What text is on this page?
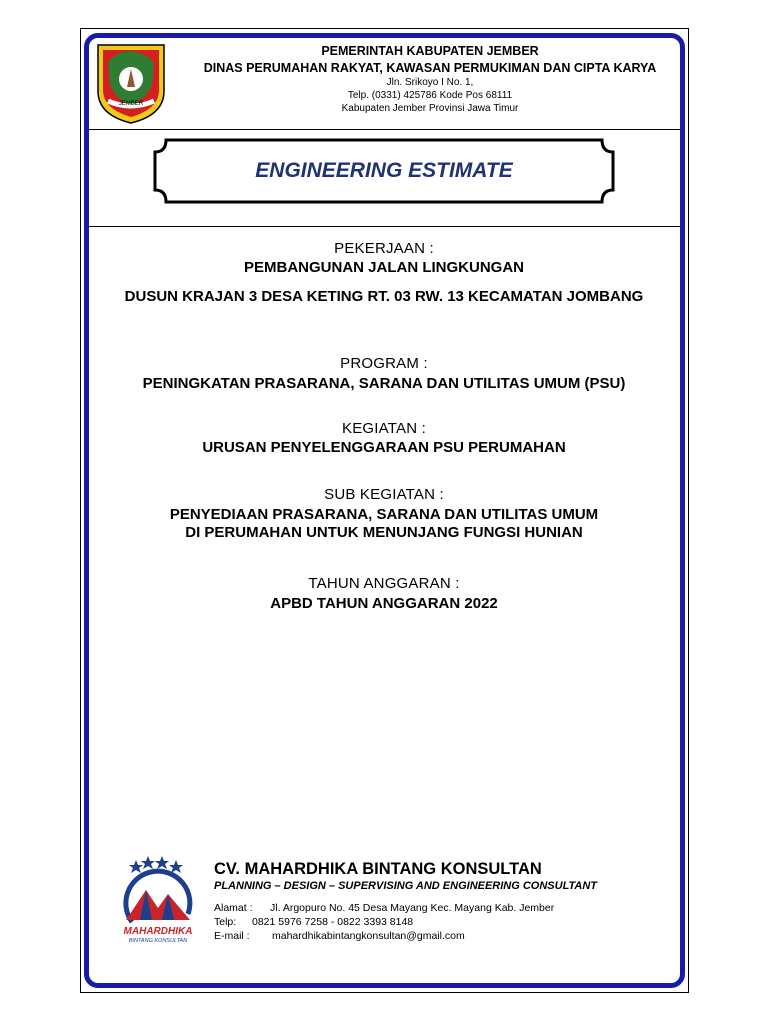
JEMBER
PEMERINTAH KABUPATEN JEMBER
DINAS PERUMAHAN RAKYAT, KAWASAN PERMUKIMAN DAN CIPTA KARYA
Jln. Srikoyo I No. 1,
Telp. (0331) 425786 Kode Pos 68111
Kabupaten Jember Provinsi Jawa Timur
ENGINEERING ESTIMATE
PEKERJAAN :
PEMBANGUNAN JALAN LINGKUNGAN
DUSUN KRAJAN 3 DESA KETING RT. 03 RW. 13 KECAMATAN JOMBANG
PROGRAM :
PENINGKATAN PRASARANA, SARANA DAN UTILITAS UMUM (PSU)
KEGIATAN :
URUSAN PENYELENGGARAAN PSU PERUMAHAN
SUB KEGIATAN :
PENYEDIAAN PRASARANA, SARANA DAN UTILITAS UMUM
DI PERUMAHAN UNTUK MENUNJANG FUNGSI HUNIAN
TAHUN ANGGARAN :
APBD TAHUN ANGGARAN 2022
MAHARDHIKA
BINTANG KONSULTAN
CV. MAHARDHIKA BINTANG KONSULTAN
PLANNING – DESIGN – SUPERVISING AND ENGINEERING CONSULTANT
Alamat : Jl. Argopuro No. 45 Desa Mayang Kec. Mayang Kab. Jember
Telp: 0821 5976 7258 - 0822 3393 8148
E-mail : mahardhikabintangkonsultan@gmail.com
